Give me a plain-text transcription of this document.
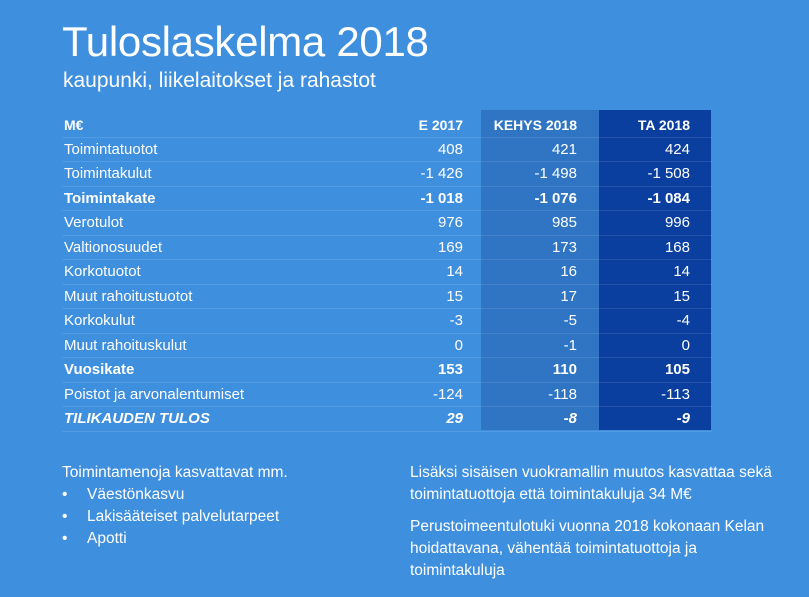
Tuloslaskelma 2018
kaupunki, liikelaitokset ja rahastot
M€	E 2017	KEHYS 2018	TA 2018
Toimintatuotot	408	421	424
Toimintakulut	-1 426	-1 498	-1 508
Toimintakate	-1 018	-1 076	-1 084
Verotulot	976	985	996
Valtionosuudet	169	173	168
Korkotuotot	14	16	14
Muut rahoitustuotot	15	17	15
Korkokulut	-3	-5	-4
Muut rahoituskulut	0	-1	0
Vuosikate	153	110	105
Poistot ja arvonalentumiset	-124	-118	-113
TILIKAUDEN TULOS	29	-8	-9
Toimintamenoja kasvattavat mm.
• Väestönkasvu
• Lakisääteiset palvelutarpeet
• Apotti

Lisäksi sisäisen vuokramallin muutos kasvattaa sekä toimintatuottoja että toimintakuluja 34 M€

Perustoimeentulotuki vuonna 2018 kokonaan Kelan hoidattavana, vähentää toimintatuottoja ja toimintakuluja
